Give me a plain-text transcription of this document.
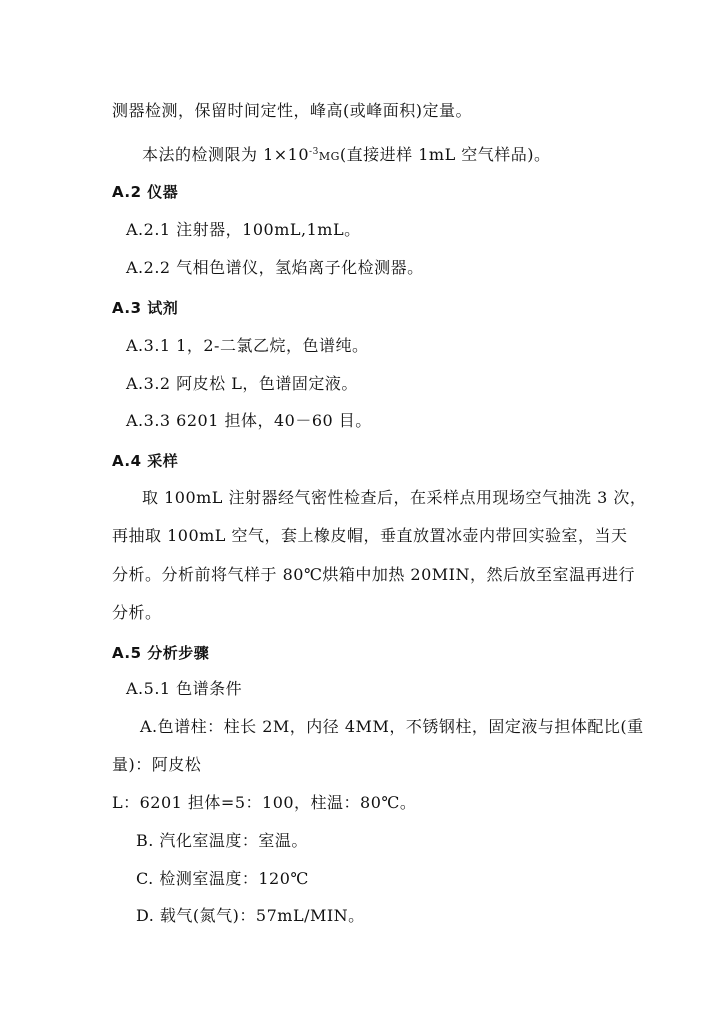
测器检测，保留时间定性，峰高(或峰面积)定量。

本法的检测限为 $1\times 10^{-3}MG$(直接进样 1mL 空气样品)。

A.2 仪器

A.2.1 注射器，100mL,1mL。

A.2.2 气相色谱仪，氢焰离子化检测器。

A.3 试剂

A.3.1 1，2-二氯乙烷，色谱纯。

A.3.2 阿皮松 L，色谱固定液。

A.3.3 6201 担体，40－60 目。

A.4 采样

取 100mL 注射器经气密性检查后，在采样点用现场空气抽洗 3 次，

再抽取 100mL 空气，套上橡皮帽，垂直放置冰壶内带回实验室，当天

分析。分析前将气样于 80℃烘箱中加热 20MIN，然后放至室温再进行

分析。

A.5 分析步骤

A.5.1 色谱条件

A.色谱柱：柱长 2M，内径 4MM，不锈钢柱，固定液与担体配比(重

量)：阿皮松

L：6201 担体=5：100，柱温：80℃。

B. 汽化室温度：室温。

C. 检测室温度：120℃

D. 载气(氮气)：57mL/MIN。
